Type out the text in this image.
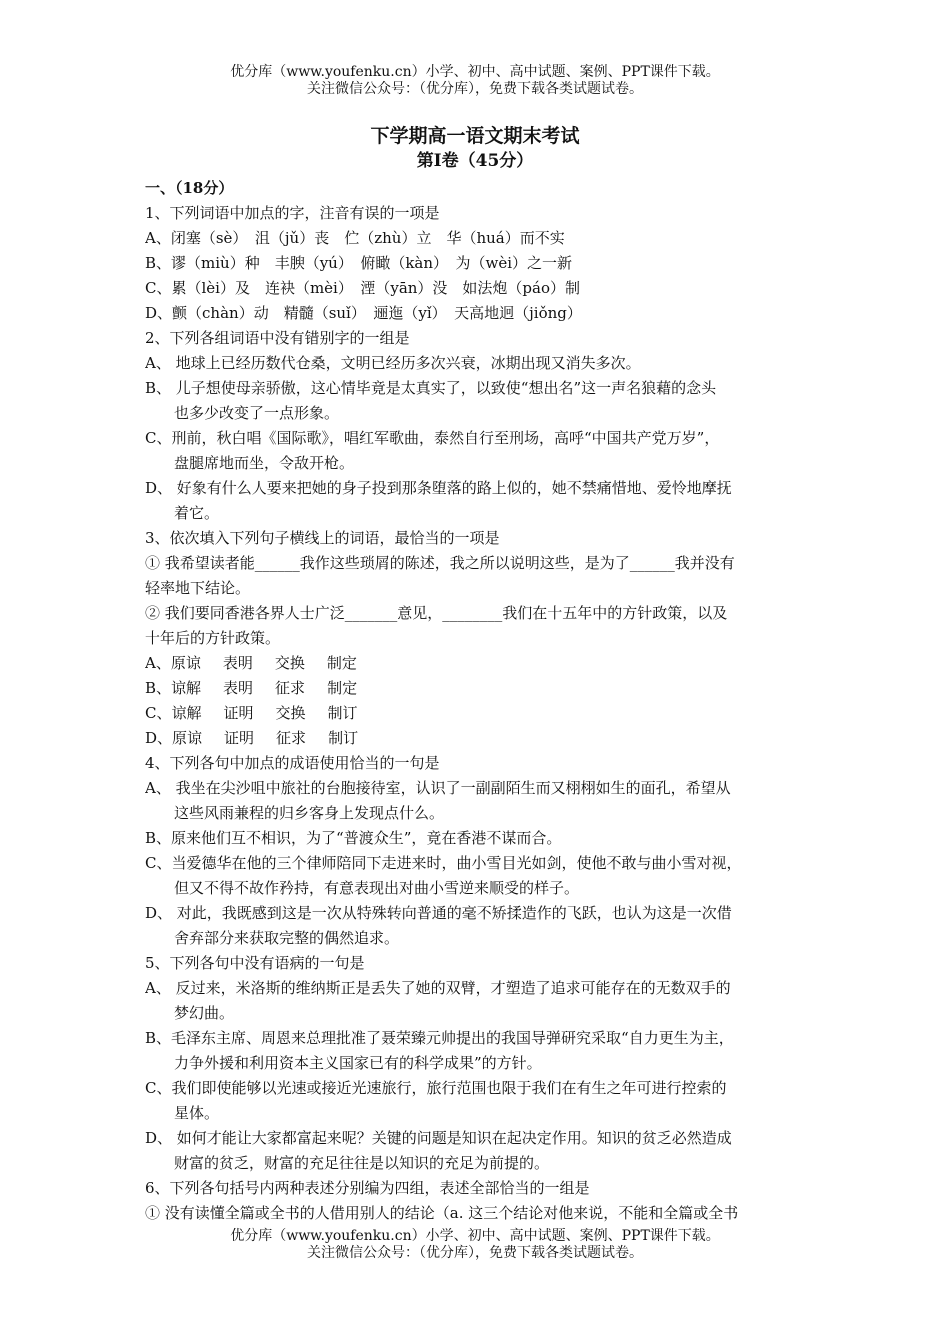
优分库（www.youfenku.cn）小学、初中、高中试题、案例、PPT课件下载。
关注微信公众号：（优分库），免费下载各类试题试卷。
下学期高一语文期末考试
第Ⅰ卷（45分）
一、（18分）
1、下列词语中加点的字，注音有误的一项是
A、闭塞（sè）　沮（jǔ）丧　伫（zhù）立　华（huá）而不实
B、谬（miù）种　丰腴（yú）　俯瞰（kàn）　为（wèi）之一新
C、累（lèi）及　连袂（mèi）　湮（yān）没　如法炮（páo）制
D、颤（chàn）动　精髓（suǐ）　逦迤（yǐ）　天高地迥（jiǒng）
2、下列各组词语中没有错别字的一组是
A、 地球上已经历数代仓桑，文明已经历多次兴衰，冰期出现又消失多次。
B、 儿子想使母亲骄傲，这心情毕竟是太真实了，以致使“想出名”这一声名狼藉的念头
也多少改变了一点形象。
C、刑前，秋白唱《国际歌》，唱红军歌曲，泰然自行至刑场，高呼“中国共产党万岁”，
盘腿席地而坐，令敌开枪。
D、 好象有什么人要来把她的身子投到那条堕落的路上似的，她不禁痛惜地、爱怜地摩抚
着它。
3、依次填入下列句子横线上的词语，最恰当的一项是
① 我希望读者能______我作这些琐屑的陈述，我之所以说明这些，是为了______我并没有
轻率地下结论。
② 我们要同香港各界人士广泛_______意见，________我们在十五年中的方针政策，以及
十年后的方针政策。
A、原谅 表明 交换 制定
B、谅解 表明 征求 制定
C、谅解 证明 交换 制订
D、原谅 证明 征求 制订
4、下列各句中加点的成语使用恰当的一句是
A、 我坐在尖沙咀中旅社的台胞接待室，认识了一副副陌生而又栩栩如生的面孔，希望从
这些风雨兼程的归乡客身上发现点什么。
B、原来他们互不相识，为了“普渡众生”，竟在香港不谋而合。
C、当爱德华在他的三个律师陪同下走进来时，曲小雪目光如剑，使他不敢与曲小雪对视，
但又不得不故作矜持，有意表现出对曲小雪逆来顺受的样子。
D、 对此，我既感到这是一次从特殊转向普通的毫不矫揉造作的飞跃，也认为这是一次借
舍弃部分来获取完整的偶然追求。
5、下列各句中没有语病的一句是
A、 反过来，米洛斯的维纳斯正是丢失了她的双臂，才塑造了追求可能存在的无数双手的
梦幻曲。
B、毛泽东主席、周恩来总理批准了聂荣臻元帅提出的我国导弹研究采取“自力更生为主，
力争外援和利用资本主义国家已有的科学成果”的方针。
C、我们即使能够以光速或接近光速旅行，旅行范围也限于我们在有生之年可进行控索的
星体。
D、 如何才能让大家都富起来呢？关键的问题是知识在起决定作用。知识的贫乏必然造成
财富的贫乏，财富的充足往往是以知识的充足为前提的。
6、下列各句括号内两种表述分别编为四组，表述全部恰当的一组是
① 没有读懂全篇或全书的人借用别人的结论（a. 这三个结论对他来说，不能和全篇或全书
优分库（www.youfenku.cn）小学、初中、高中试题、案例、PPT课件下载。
关注微信公众号：（优分库），免费下载各类试题试卷。
